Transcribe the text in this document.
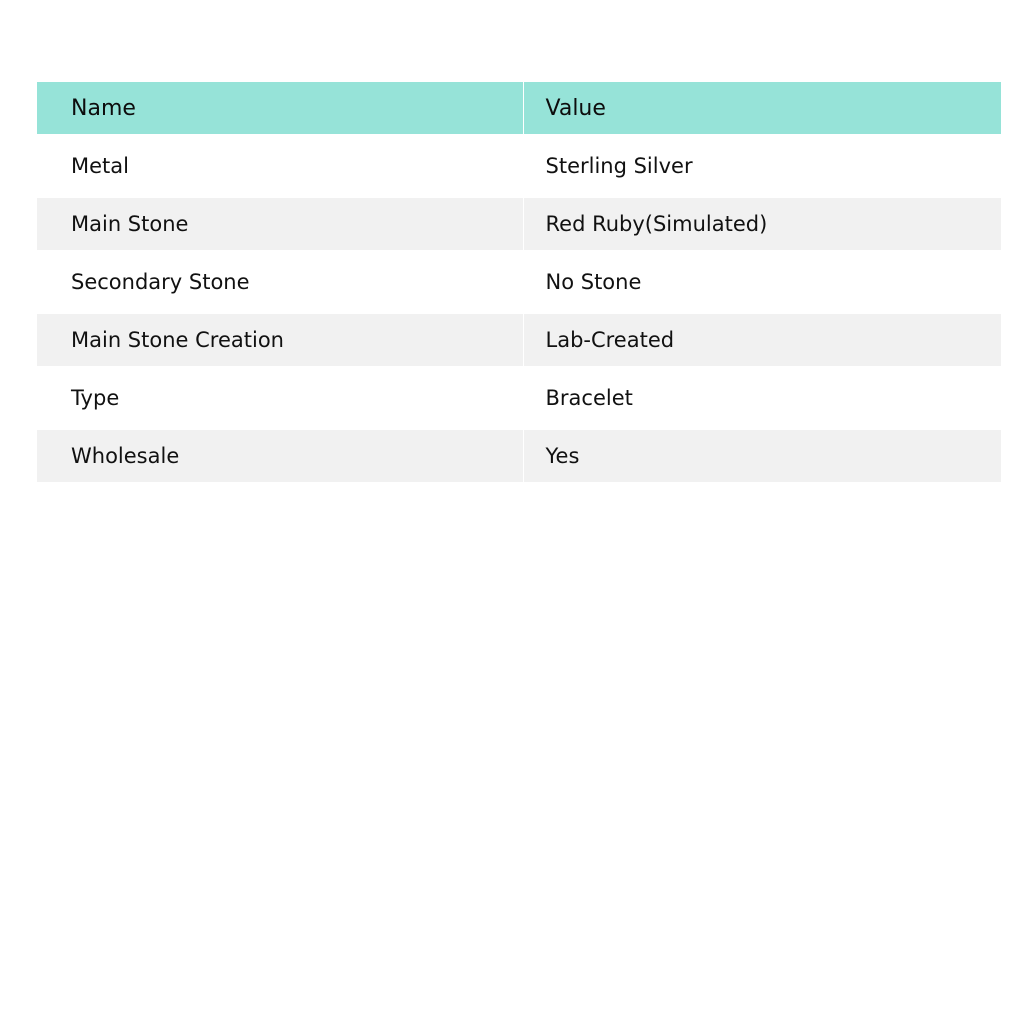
Name	Value
Metal	Sterling Silver
Main Stone	Red Ruby(Simulated)
Secondary Stone	No Stone
Main Stone Creation	Lab-Created
Type	Bracelet
Wholesale	Yes
